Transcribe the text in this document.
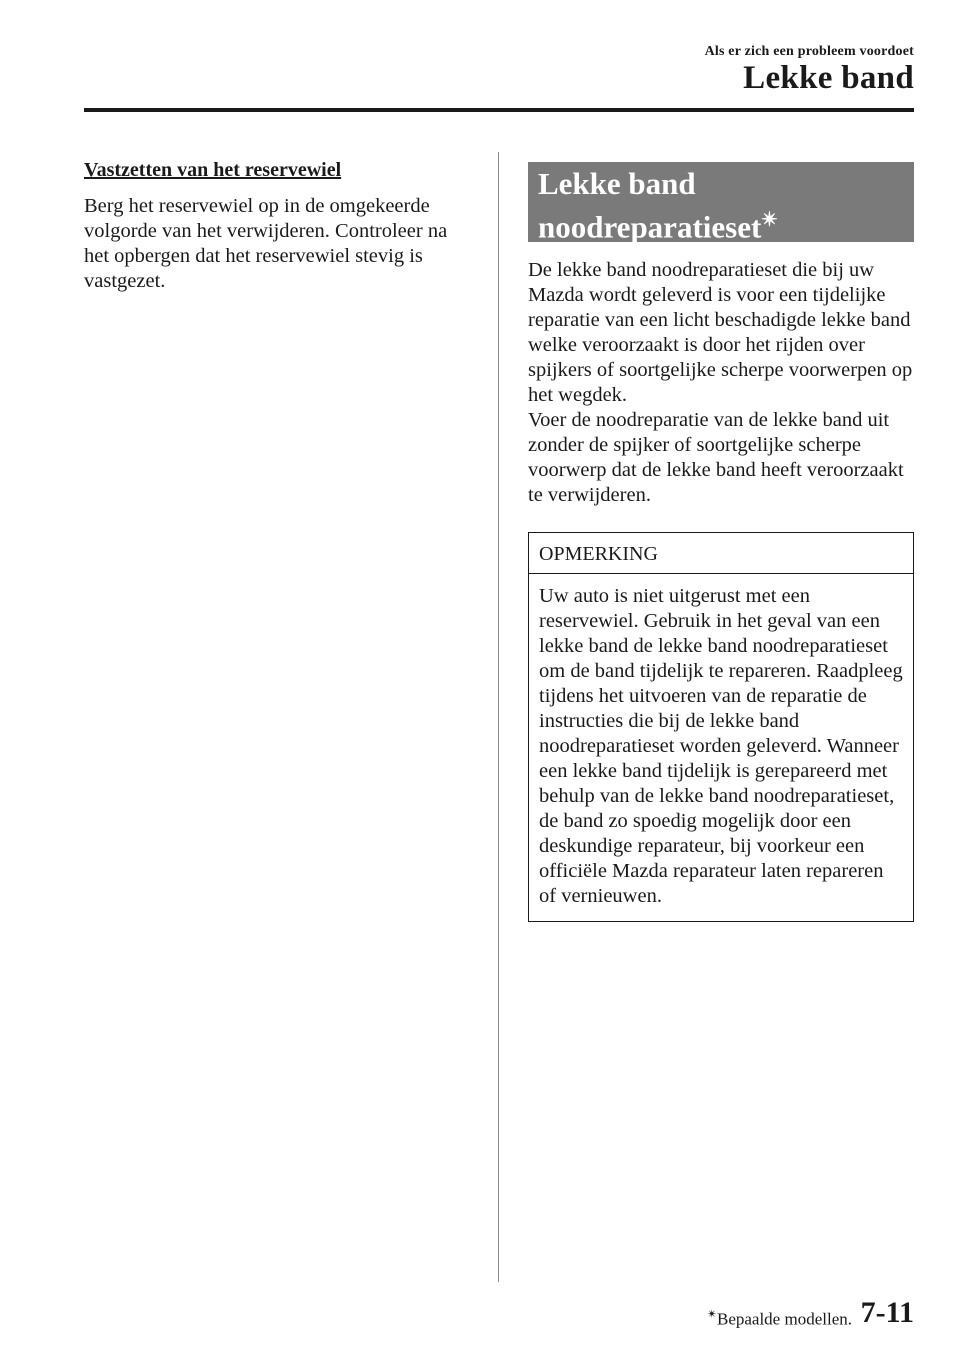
Als er zich een probleem voordoet
Lekke band
Vastzetten van het reservewiel

Berg het reservewiel op in de omgekeerde volgorde van het verwijderen. Controleer na het opbergen dat het reservewiel stevig is vastgezet.

Lekke band noodreparatieset✴

De lekke band noodreparatieset die bij uw Mazda wordt geleverd is voor een tijdelijke reparatie van een licht beschadigde lekke band welke veroorzaakt is door het rijden over spijkers of soortgelijke scherpe voorwerpen op het wegdek.
Voer de noodreparatie van de lekke band uit zonder de spijker of soortgelijke scherpe voorwerp dat de lekke band heeft veroorzaakt te verwijderen.

OPMERKING
Uw auto is niet uitgerust met een reservewiel. Gebruik in het geval van een lekke band de lekke band noodreparatieset om de band tijdelijk te repareren. Raadpleeg tijdens het uitvoeren van de reparatie de instructies die bij de lekke band noodreparatieset worden geleverd. Wanneer een lekke band tijdelijk is gerepareerd met behulp van de lekke band noodreparatieset, de band zo spoedig mogelijk door een deskundige reparateur, bij voorkeur een officiële Mazda reparateur laten repareren of vernieuwen.
✴Bepaalde modellen. 7-11
